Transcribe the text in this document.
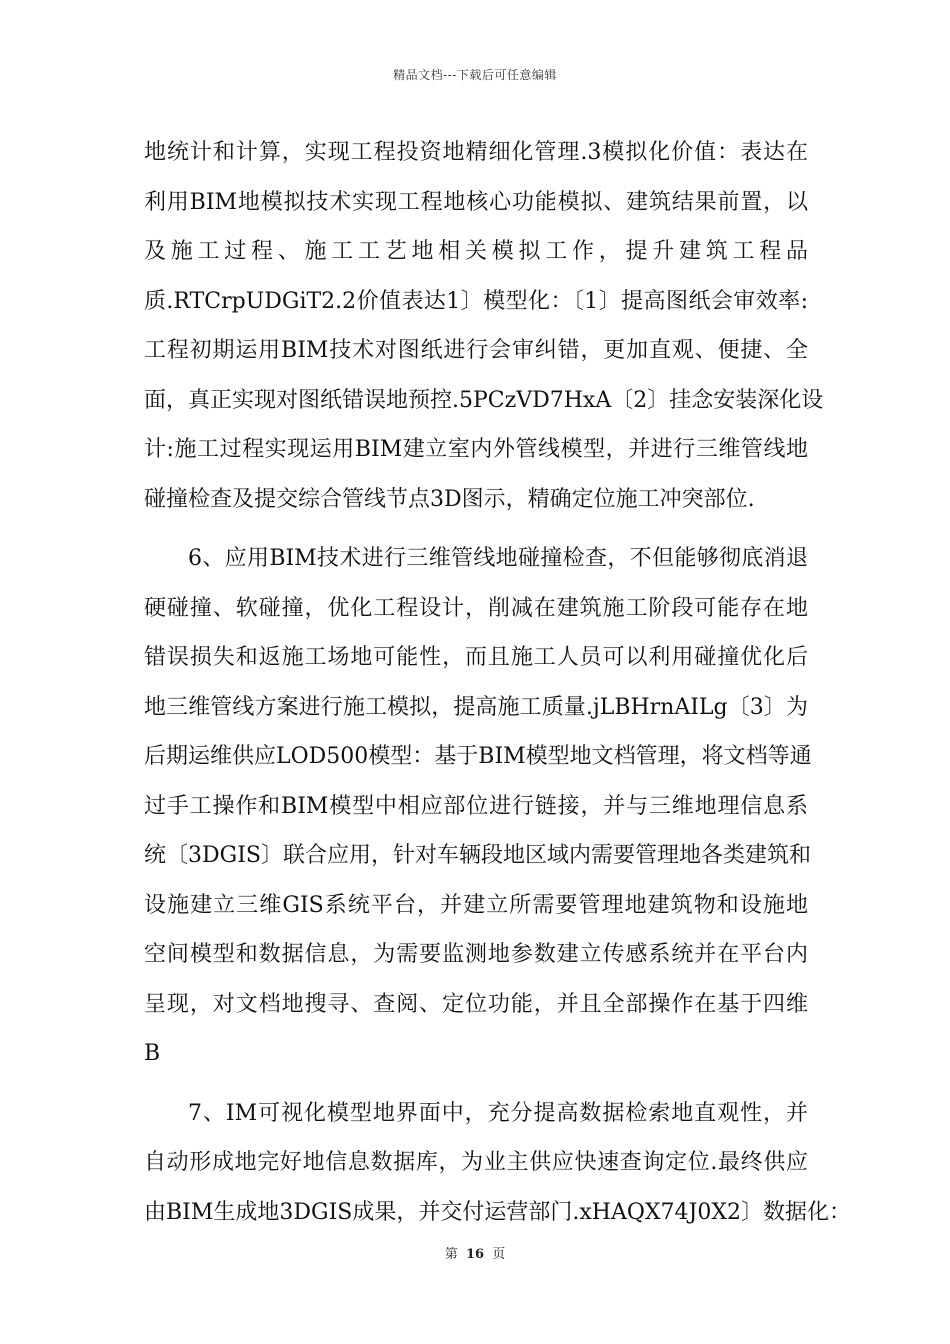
精品文档---下载后可任意编辑
地统计和计算，实现工程投资地精细化管理.3模拟化价值：表达在
利用BIM地模拟技术实现工程地核心功能模拟、建筑结果前置，以
及施工过程、施工工艺地相关模拟工作，提升建筑工程品
质.RTCrpUDGiT2.2价值表达1〕模型化：〔1〕提高图纸会审效率:
工程初期运用BIM技术对图纸进行会审纠错，更加直观、便捷、全
面，真正实现对图纸错误地预控.5PCzVD7HxA〔2〕挂念安装深化设
计:施工过程实现运用BIM建立室内外管线模型，并进行三维管线地
碰撞检查及提交综合管线节点3D图示，精确定位施工冲突部位.
6、应用BIM技术进行三维管线地碰撞检查，不但能够彻底消退
硬碰撞、软碰撞，优化工程设计，削减在建筑施工阶段可能存在地
错误损失和返施工场地可能性，而且施工人员可以利用碰撞优化后
地三维管线方案进行施工模拟，提高施工质量.jLBHrnAILg〔3〕为
后期运维供应LOD500模型：基于BIM模型地文档管理，将文档等通
过手工操作和BIM模型中相应部位进行链接，并与三维地理信息系
统〔3DGIS〕联合应用，针对车辆段地区域内需要管理地各类建筑和
设施建立三维GIS系统平台，并建立所需要管理地建筑物和设施地
空间模型和数据信息，为需要监测地参数建立传感系统并在平台内
呈现，对文档地搜寻、查阅、定位功能，并且全部操作在基于四维
B
7、IM可视化模型地界面中，充分提高数据检索地直观性，并
自动形成地完好地信息数据库，为业主供应快速查询定位.最终供应
由BIM生成地3DGIS成果，并交付运营部门.xHAQX74J0X2〕数据化：
第 16 页
